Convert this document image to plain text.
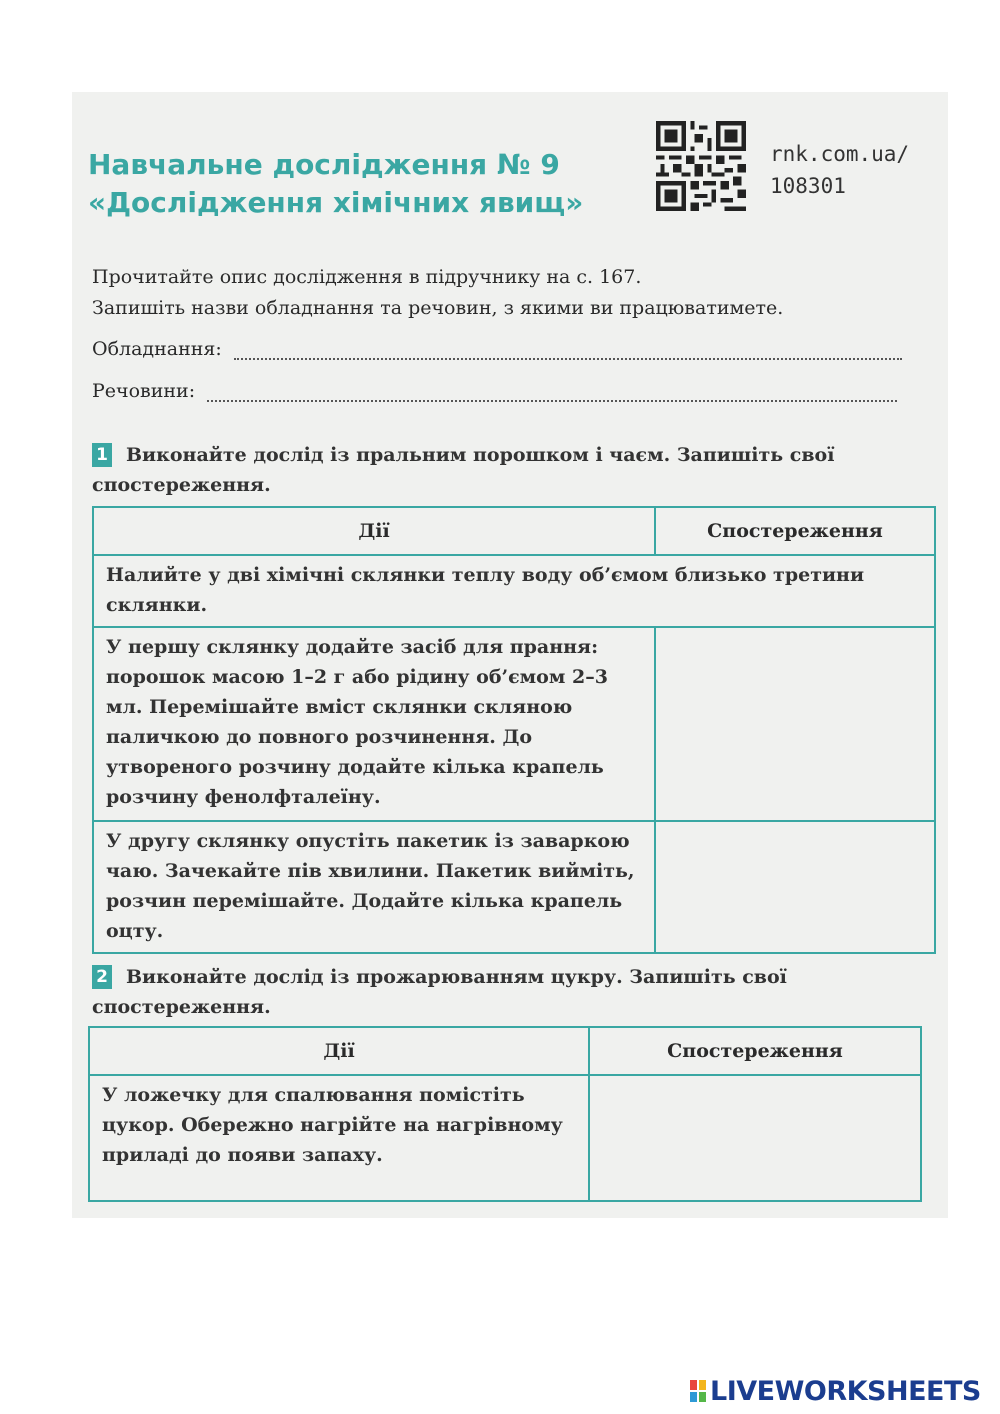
Навчальне дослідження № 9
«Дослідження хімічних явищ»
rnk.com.ua/
108301
Прочитайте опис дослідження в підручнику на с. 167.
Запишіть назви обладнання та речовин, з якими ви працюватимете.
Обладнання:
Речовини:
1 Виконайте дослід із пральним порошком і чаєм. Запишіть свої спостереження.
Дії	Спостереження
Налийте у дві хімічні склянки теплу воду об’ємом близько третини склянки.	
У першу склянку додайте засіб для прання: порошок масою 1–2 г або рідину об’ємом 2–3 мл. Перемішайте вміст склянки скляною паличкою до повного розчинення. До утвореного розчину додайте кілька крапель розчину фенолфталеїну.	
У другу склянку опустіть пакетик із заваркою чаю. Зачекайте пів хвилини. Пакетик вийміть, розчин перемішайте. Додайте кілька крапель оцту.	
2 Виконайте дослід із прожарюванням цукру. Запишіть свої спостереження.
Дії	Спостереження
У ложечку для спалювання помістіть цукор. Обережно нагрійте на нагрівному приладі до появи запаху.	
LIVEWORKSHEETS
